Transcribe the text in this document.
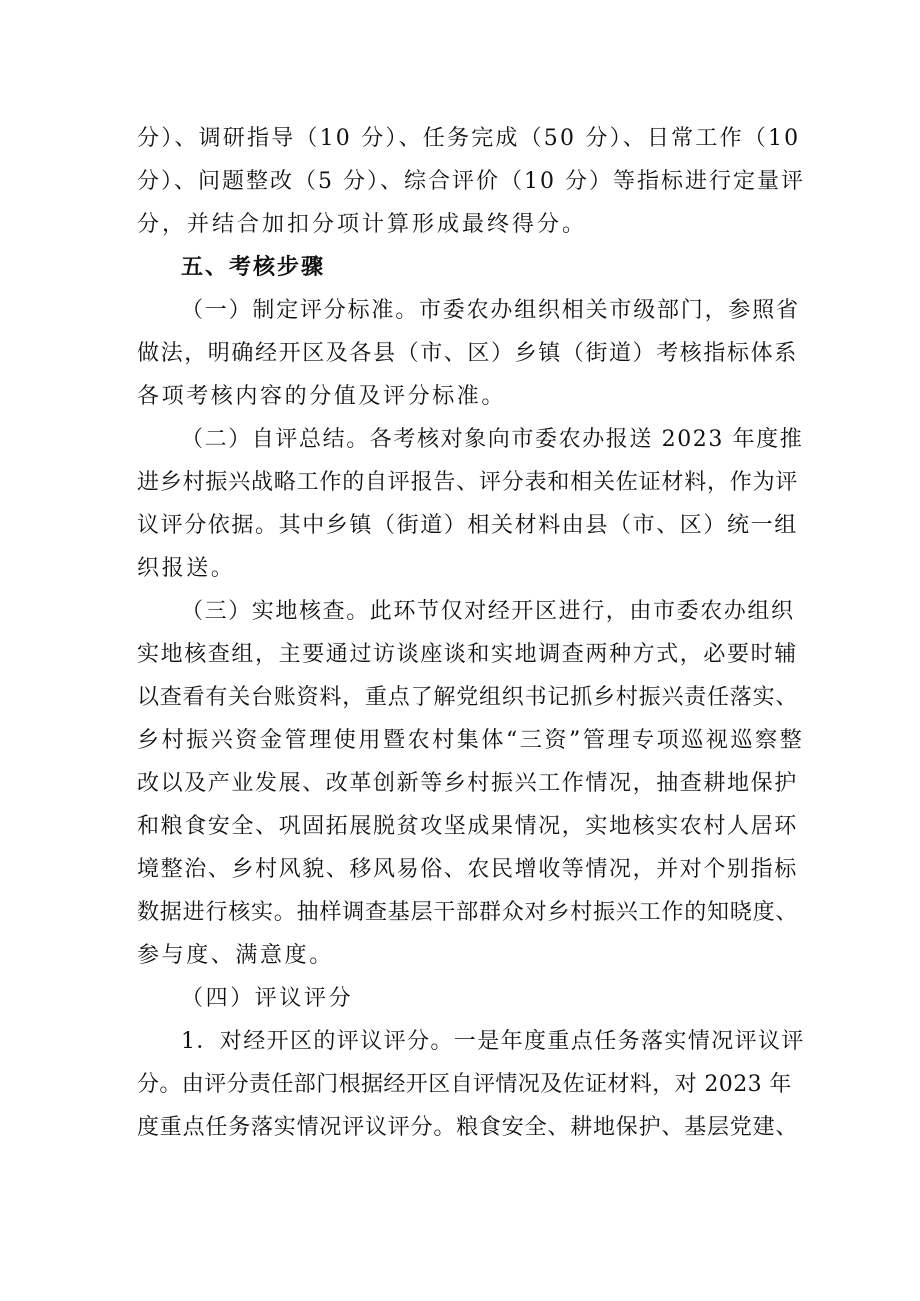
分）、调研指导（10 分）、任务完成（50 分）、日常工作（10
分）、问题整改（5 分）、综合评价（10 分）等指标进行定量评
分，并结合加扣分项计算形成最终得分。
五、考核步骤
（一）制定评分标准。市委农办组织相关市级部门，参照省
做法，明确经开区及各县（市、区）乡镇（街道）考核指标体系
各项考核内容的分值及评分标准。
（二）自评总结。各考核对象向市委农办报送 2023 年度推
进乡村振兴战略工作的自评报告、评分表和相关佐证材料，作为评
议评分依据。其中乡镇（街道）相关材料由县（市、区）统一组
织报送。
（三）实地核查。此环节仅对经开区进行，由市委农办组织
实地核查组，主要通过访谈座谈和实地调查两种方式，必要时辅
以查看有关台账资料，重点了解党组织书记抓乡村振兴责任落实、
乡村振兴资金管理使用暨农村集体“三资”管理专项巡视巡察整
改以及产业发展、改革创新等乡村振兴工作情况，抽查耕地保护
和粮食安全、巩固拓展脱贫攻坚成果情况，实地核实农村人居环
境整治、乡村风貌、移风易俗、农民增收等情况，并对个别指标
数据进行核实。抽样调查基层干部群众对乡村振兴工作的知晓度、
参与度、满意度。
（四）评议评分
1．对经开区的评议评分。一是年度重点任务落实情况评议评
分。由评分责任部门根据经开区自评情况及佐证材料，对 2023 年
度重点任务落实情况评议评分。粮食安全、耕地保护、基层党建、
